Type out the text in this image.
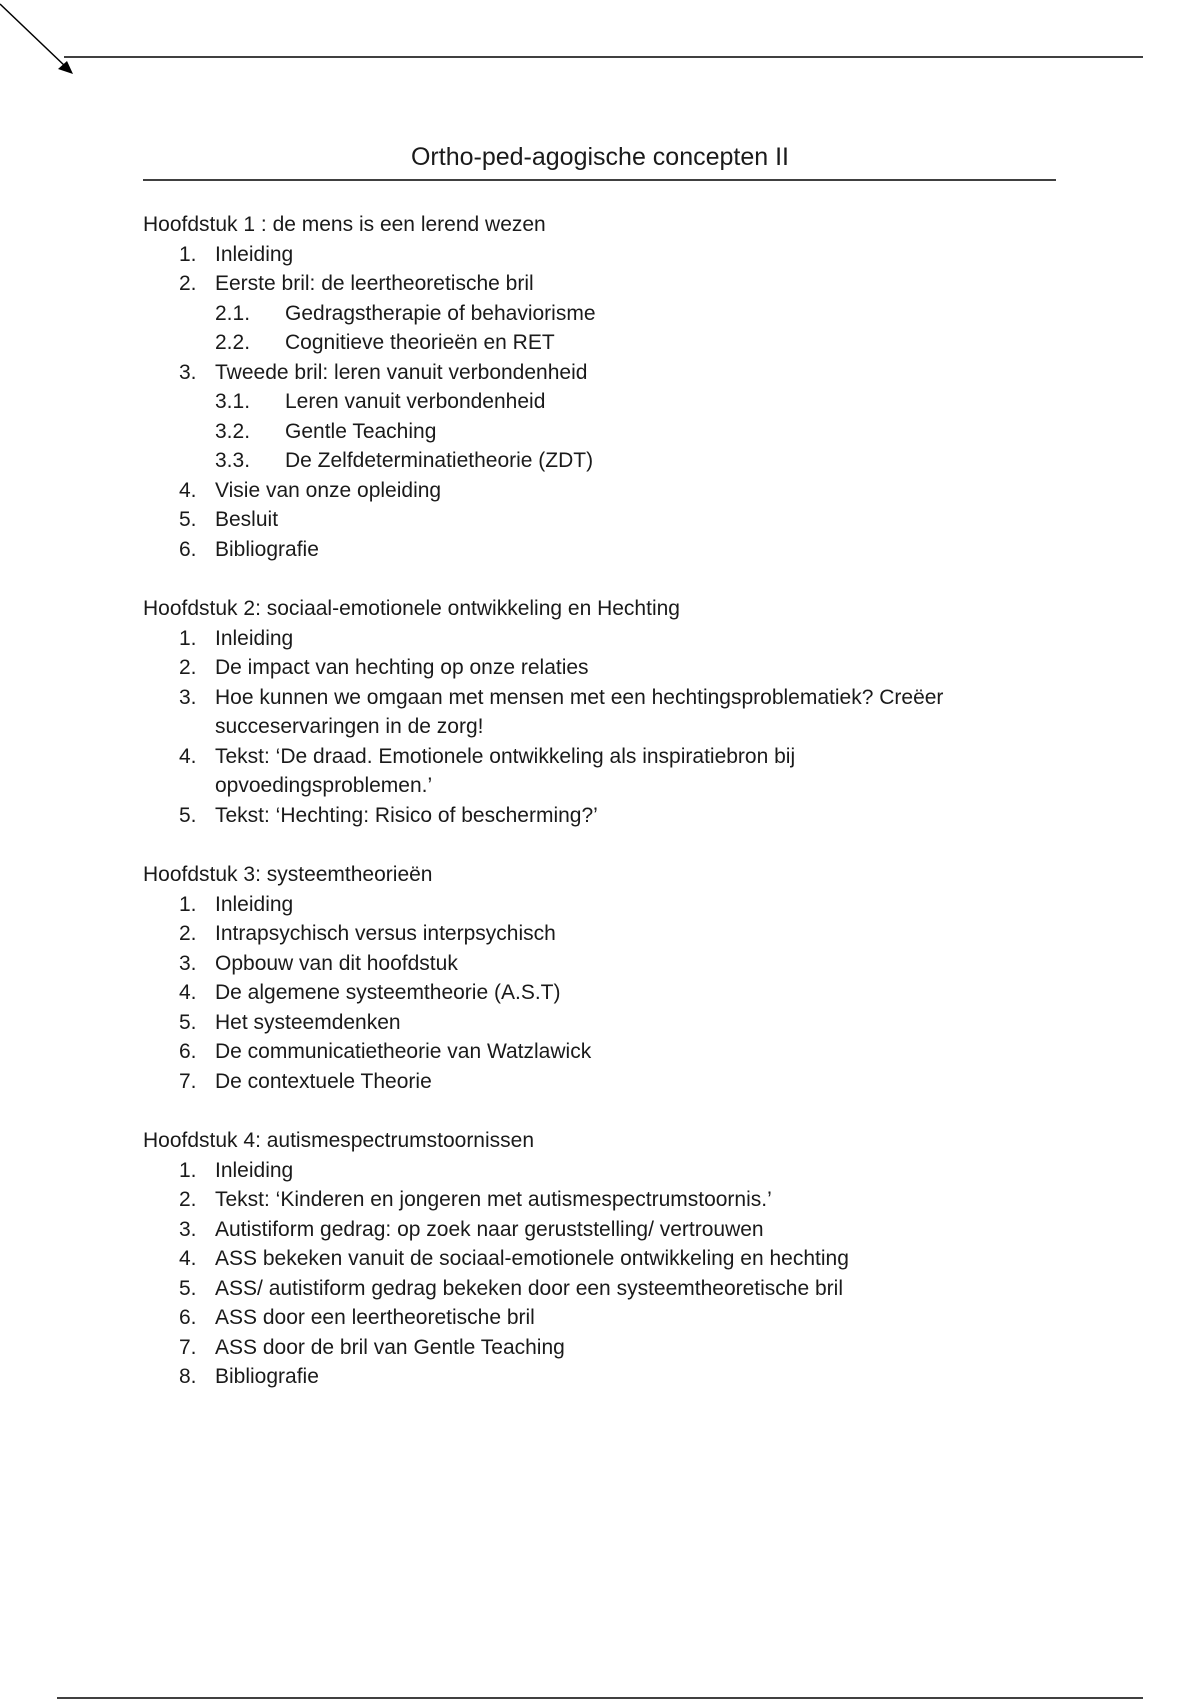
Ortho-ped-agogische concepten II
Hoofdstuk 1 : de mens is een lerend wezen
1. Inleiding
2. Eerste bril: de leertheoretische bril
2.1.	Gedragstherapie of behaviorisme
2.2.	Cognitieve theorieën en RET
3. Tweede bril: leren vanuit verbondenheid
3.1.	Leren vanuit verbondenheid
3.2.	Gentle Teaching
3.3.	De Zelfdeterminatietheorie (ZDT)
4. Visie van onze opleiding
5. Besluit
6. Bibliografie
Hoofdstuk 2: sociaal-emotionele ontwikkeling en Hechting
1. Inleiding
2. De impact van hechting op onze relaties
3. Hoe kunnen we omgaan met mensen met een hechtingsproblematiek? Creëer succeservaringen in de zorg!
4. Tekst: ‘De draad. Emotionele ontwikkeling als inspiratiebron bij opvoedingsproblemen.’
5. Tekst: ‘Hechting: Risico of bescherming?’
Hoofdstuk 3: systeemtheorieën
1. Inleiding
2. Intrapsychisch versus interpsychisch
3. Opbouw van dit hoofdstuk
4. De algemene systeemtheorie (A.S.T)
5. Het systeemdenken
6. De communicatietheorie van Watzlawick
7. De contextuele Theorie
Hoofdstuk 4: autismespectrumstoornissen
1. Inleiding
2. Tekst: ‘Kinderen en jongeren met autismespectrumstoornis.’
3. Autistiform gedrag: op zoek naar geruststelling/ vertrouwen
4. ASS bekeken vanuit de sociaal-emotionele ontwikkeling en hechting
5. ASS/ autistiform gedrag bekeken door een systeemtheoretische bril
6. ASS door een leertheoretische bril
7. ASS door de bril van Gentle Teaching
8. Bibliografie
